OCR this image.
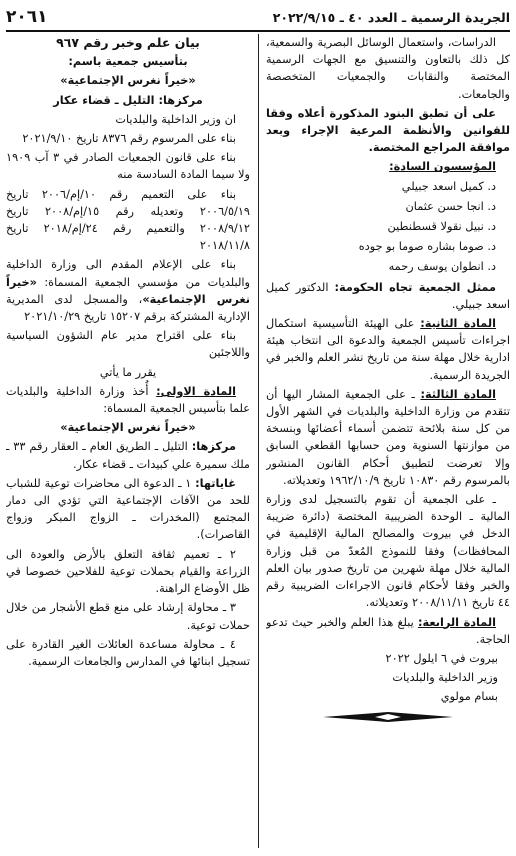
الجريدة الرسمية ـ العدد ٤٠ ـ ٢٠٢٢/٩/١٥
٢٠٦١

الدراسات، واستعمال الوسائل البصرية والسمعية، كل ذلك بالتعاون والتنسيق مع الجهات الرسمية المختصة والنقابات والجمعيات المتخصصة والجامعات.

على أن تطبق البنود المذكورة أعلاه وفقا للقوانين والأنظمة المرعية الإجراء وبعد موافقة المراجع المختصة.

المؤسسون السادة:

د. كميل اسعد جبيلي
د. انجا حسن عثمان
د. نبيل نقولا قسطنطين
د. صوما بشاره صوما بو جوده
د. انطوان يوسف رحمه

ممثل الجمعية تجاه الحكومة: الدكتور كميل اسعد جبيلي.

المادة الثانية: على الهيئة التأسيسية استكمال اجراءات تأسيس الجمعية والدعوة الى انتخاب هيئة ادارية خلال مهلة سنة من تاريخ نشر العلم والخبر في الجريدة الرسمية.

المادة الثالثة: ـ على الجمعية المشار اليها أن تتقدم من وزارة الداخلية والبلديات في الشهر الأول من كل سنة بلائحة تتضمن أسماء أعضائها وبنسخة من موازنتها السنوية ومن حسابها القطعي السابق وإلا تعرضت لتطبيق أحكام القانون المنشور بالمرسوم رقم ١٠٨٣٠ تاريخ ١٩٦٢/١٠/٩ وتعديلاته.

ـ على الجمعية أن تقوم بالتسجيل لدى وزارة المالية ـ الوحدة الضريبية المختصة (دائرة ضريبة الدخل في بيروت والمصالح المالية الإقليمية في المحافظات) وفقا للنموذج المُعدّ من قبل وزارة المالية خلال مهلة شهرين من تاريخ صدور بيان العلم والخبر وفقا لأحكام قانون الاجراءات الضريبية رقم ٤٤ تاريخ ٢٠٠٨/١١/١١ وتعديلاته.

المادة الرابعة: يبلغ هذا العلم والخبر حيث تدعو الحاجة.

بيروت في ٦ ايلول ٢٠٢٢

وزير الداخلية والبلديات

بسام مولوي

بيان علم وخبر رقم ٩٦٧

بتأسيس جمعية باسم:

«خيراً نغرس الإجتماعية»

مركزها: التليل ـ قضاء عكار

ان وزير الداخلية والبلديات

بناء على المرسوم رقم ٨٣٧٦ تاريخ ٢٠٢١/٩/١٠

بناء على قانون الجمعيات الصادر في ٣ آب ١٩٠٩ ولا سيما المادة السادسة منه

بناء على التعميم رقم ١٠/إم/٢٠٠٦ تاريخ ٢٠٠٦/٥/١٩ وتعديله رقم ١٥/إم/٢٠٠٨ تاريخ ٢٠٠٨/٩/١٢ والتعميم رقم ٢٤/إم/٢٠١٨ تاريخ ٢٠١٨/١١/٨

بناء على الإعلام المقدم الى وزارة الداخلية والبلديات من مؤسسي الجمعية المسماة: «خيراً نغرس الإجتماعية»، والمسجل لدى المديرية الإدارية المشتركة برقم ١٥٢٠٧ تاريخ ٢٠٢١/١٠/٢٩

بناء على اقتراح مدير عام الشؤون السياسية واللاجئين

يقرر ما يأتي

المادة الاولى: أُخذ وزارة الداخلية والبلديات علما بتأسيس الجمعية المسماة:

«خيراً نغرس الإجتماعية»

مركزها: التليل ـ الطريق العام ـ العقار رقم ٣٣ ـ ملك سميرة علي كبيدات ـ قضاء عكار.

غاياتها: ١ ـ الدعوة الى محاضرات توعية للشباب للحد من الآفات الإجتماعية التي تؤدي الى دمار المجتمع (المخدرات ـ الزواج المبكر وزواج القاصرات).

٢ ـ تعميم ثقافة التعلق بالأرض والعودة الى الزراعة والقيام بحملات توعية للفلاحين خصوصا في ظل الأوضاع الراهنة.

٣ ـ محاولة إرشاد على منع قطع الأشجار من خلال حملات توعية.

٤ ـ محاولة مساعدة العائلات الغير القادرة على تسجيل ابنائها في المدارس والجامعات الرسمية.
